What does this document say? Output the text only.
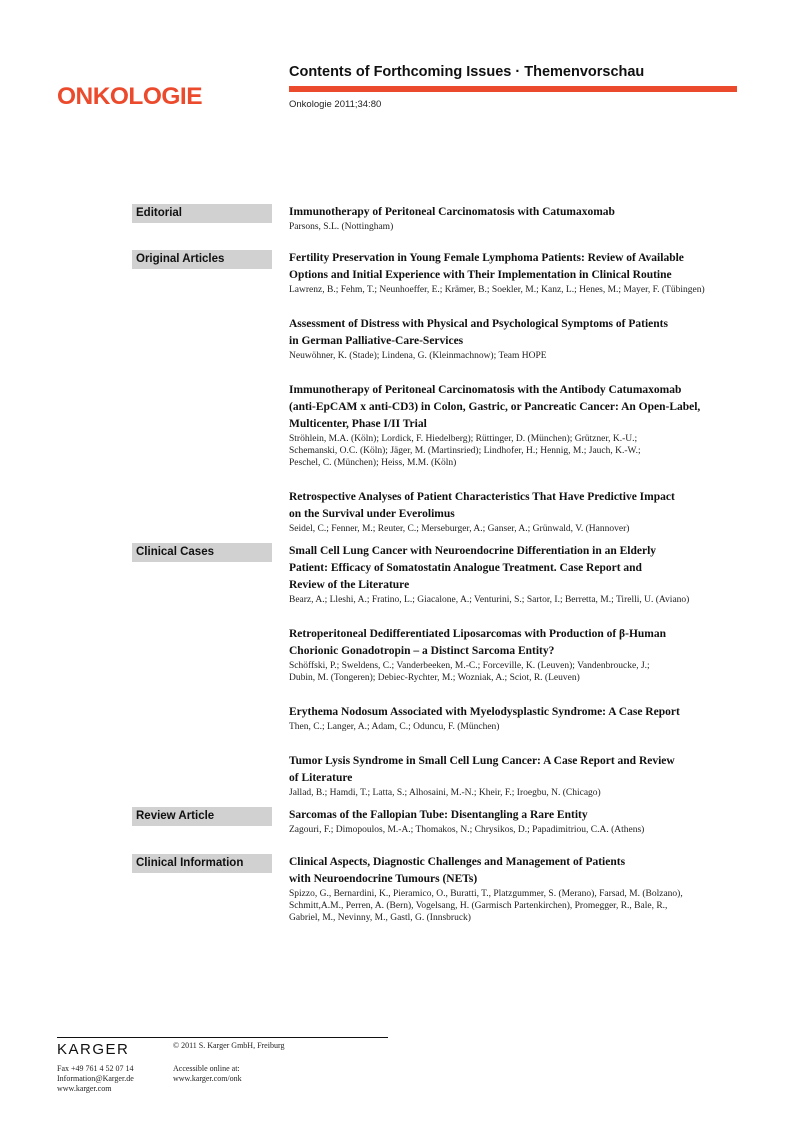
ONKOLOGIE
Contents of Forthcoming Issues · Themenvorschau
Onkologie 2011;34:80
Editorial	Immunotherapy of Peritoneal Carcinomatosis with Catumaxomab
Parsons, S.L. (Nottingham)
Original Articles	Fertility Preservation in Young Female Lymphoma Patients: Review of Available
Options and Initial Experience with Their Implementation in Clinical Routine
Lawrenz, B.; Fehm, T.; Neunhoeffer, E.; Krämer, B.; Soekler, M.; Kanz, L.; Henes, M.; Mayer, F. (Tübingen)
Assessment of Distress with Physical and Psychological Symptoms of Patients
in German Palliative-Care-Services
Neuwöhner, K. (Stade); Lindena, G. (Kleinmachnow); Team HOPE
Immunotherapy of Peritoneal Carcinomatosis with the Antibody Catumaxomab
(anti-EpCAM x anti-CD3) in Colon, Gastric, or Pancreatic Cancer: An Open-Label,
Multicenter, Phase I/II Trial
Ströhlein, M.A. (Köln); Lordick, F. Hiedelberg); Rüttinger, D. (München); Grützner, K.-U.;
Schemanski, O.C. (Köln); Jäger, M. (Martinsried); Lindhofer, H.; Hennig, M.; Jauch, K.-W.;
Peschel, C. (München); Heiss, M.M. (Köln)
Retrospective Analyses of Patient Characteristics That Have Predictive Impact
on the Survival under Everolimus
Seidel, C.; Fenner, M.; Reuter, C.; Merseburger, A.; Ganser, A.; Grünwald, V. (Hannover)
Clinical Cases	Small Cell Lung Cancer with Neuroendocrine Differentiation in an Elderly
Patient: Efficacy of Somatostatin Analogue Treatment. Case Report and
Review of the Literature
Bearz, A.; Lleshi, A.; Fratino, L.; Giacalone, A.; Venturini, S.; Sartor, I.; Berretta, M.; Tirelli, U. (Aviano)
Retroperitoneal Dedifferentiated Liposarcomas with Production of β-Human
Chorionic Gonadotropin – a Distinct Sarcoma Entity?
Schöffski, P.; Sweldens, C.; Vanderbeeken, M.-C.; Forceville, K. (Leuven); Vandenbroucke, J.;
Dubin, M. (Tongeren); Debiec-Rychter, M.; Wozniak, A.; Sciot, R. (Leuven)
Erythema Nodosum Associated with Myelodysplastic Syndrome: A Case Report
Then, C.; Langer, A.; Adam, C.; Oduncu, F. (München)
Tumor Lysis Syndrome in Small Cell Lung Cancer: A Case Report and Review
of Literature
Jallad, B.; Hamdi, T.; Latta, S.; Alhosaini, M.-N.; Kheir, F.; Iroegbu, N. (Chicago)
Review Article	Sarcomas of the Fallopian Tube: Disentangling a Rare Entity
Zagouri, F.; Dimopoulos, M.-A.; Thomakos, N.; Chrysikos, D.; Papadimitriou, C.A. (Athens)
Clinical Information	Clinical Aspects, Diagnostic Challenges and Management of Patients
with Neuroendocrine Tumours (NETs)
Spizzo, G., Bernardini, K., Pieramico, O., Buratti, T., Platzgummer, S. (Merano), Farsad, M. (Bolzano),
Schmitt,A.M., Perren, A. (Bern), Vogelsang, H. (Garmisch Partenkirchen), Promegger, R., Bale, R.,
Gabriel, M., Nevinny, M., Gastl, G. (Innsbruck)
KARGER	© 2011 S. Karger GmbH, Freiburg
Fax +49 761 4 52 07 14
Information@Karger.de
www.karger.com
Accessible online at:
www.karger.com/onk
